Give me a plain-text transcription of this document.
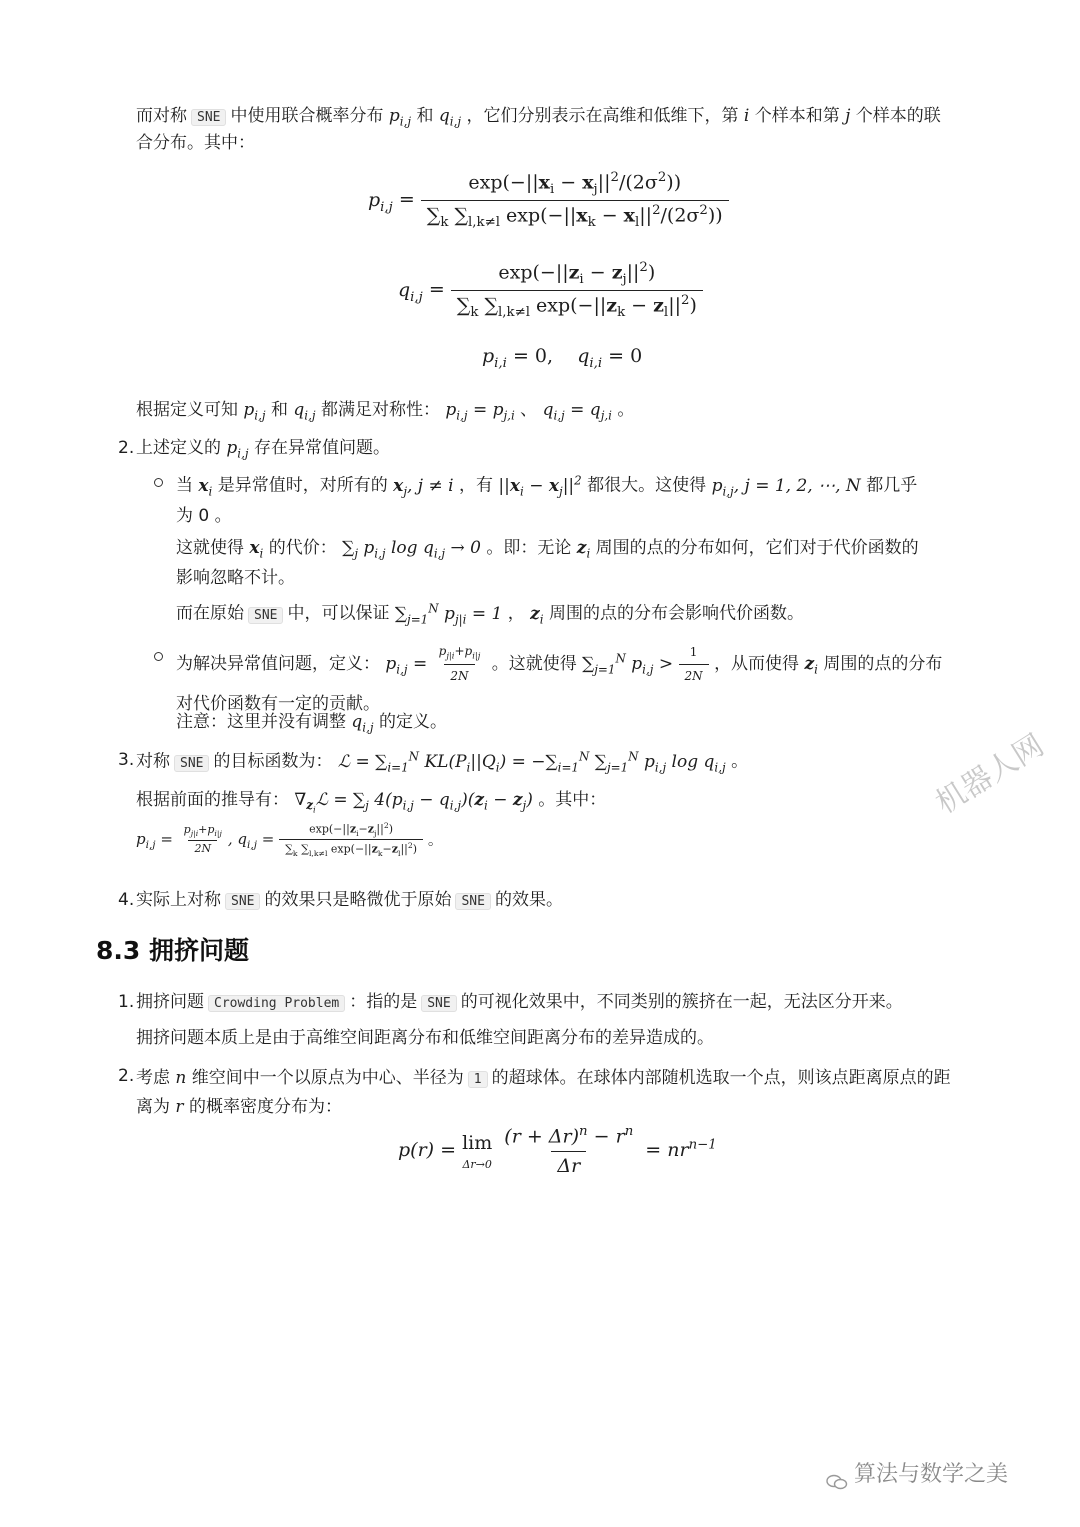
而对称 SNE 中使用联合概率分布 $p_{i,j}$ 和 $q_{i,j}$ ，它们分别表示在高维和低维下，第 i 个样本和第 j 个样本的联
合分布。其中：
$p_{i,j} = \frac{\exp(-||x_i - x_j||^2/(2\sigma^2))}{\sum_k \sum_{l,k\ne l} \exp(-||x_k - x_l||^2/(2\sigma^2))}$
$q_{i,j} = \frac{\exp(-||z_i - z_j||^2)}{\sum_k \sum_{l,k\ne l} \exp(-||z_k - z_l||^2)}$
$p_{i,i} = 0$,    $q_{i,i} = 0$
根据定义可知 $p_{i,j}$ 和 $q_{i,j}$ 都满足对称性： $p_{i,j} = p_{j,i}$ 、 $q_{i,j} = q_{j,i}$ 。
2. 上述定义的 $p_{i,j}$ 存在异常值问题。
当 $x_i$ 是异常值时，对所有的 $x_j$, j ≠ i ，有 $||x_i - x_j||^2$ 都很大。这使得 $p_{i,j}$, j = 1, 2, ⋯, N 都几乎
为 0 。
这就使得 $x_i$ 的代价： $\sum_j$ $p_{i,j}$ $\log q_{i,j} \to 0$ 。即：无论 $z_i$ 周围的点的分布如何，它们对于代价函数的
影响忽略不计。
而在原始 SNE 中，可以保证 $\sum_{j=1}^N$ $p_{j|i} = 1$ ， $z_i$ 周围的点的分布会影响代价函数。
为解决异常值问题，定义： $p_{i,j} = \frac{p_{j|i}+p_{i|j}}{2N}$ 。这就使得 $\sum_{j=1}^N$ $p_{i,j} > \frac{1}{2N}$ ，从而使得 $z_i$ 周围的点的分布
对代价函数有一定的贡献。
注意：这里并没有调整 $q_{i,j}$ 的定义。
3. 对称 SNE 的目标函数为： ℒ = $\sum_{i=1}^N$ $KL(P_i||Q_i) = -\sum_{i=1}^N$ $\sum_{j=1}^N$ $p_{i,j}$ $\log q_{i,j}$ 。
根据前面的推导有： $\nabla_{z_i}ℒ = \sum_j$ $4(p_{i,j} - q_{i,j})(z_i - z_j)$ 。其中：
$p_{i,j} = \frac{p_{j|i}+p_{i|j}}{2N}$ , $q_{i,j} = \frac{\exp(-||z_i-z_j||^2)}{\sum_k \sum_{l,k\ne l} \exp(-||z_k-z_l||^2)}$ 。
4. 实际上对称 SNE 的效果只是略微优于原始 SNE 的效果。
8.3 拥挤问题
1. 拥挤问题 Crowding Problem ：指的是 SNE 的可视化效果中，不同类别的簇挤在一起，无法区分开来。
拥挤问题本质上是由于高维空间距离分布和低维空间距离分布的差异造成的。
2. 考虑 n 维空间中一个以原点为中心、半径为 1 的超球体。在球体内部随机选取一个点，则该点距离原点的距
离为 r 的概率密度分布为：
p(r) = lim
Δr→0
$\frac{(r + \Delta r)^n - r^n}{\Delta r} = nr^{n-1}$
机器人网
算法与数学之美
